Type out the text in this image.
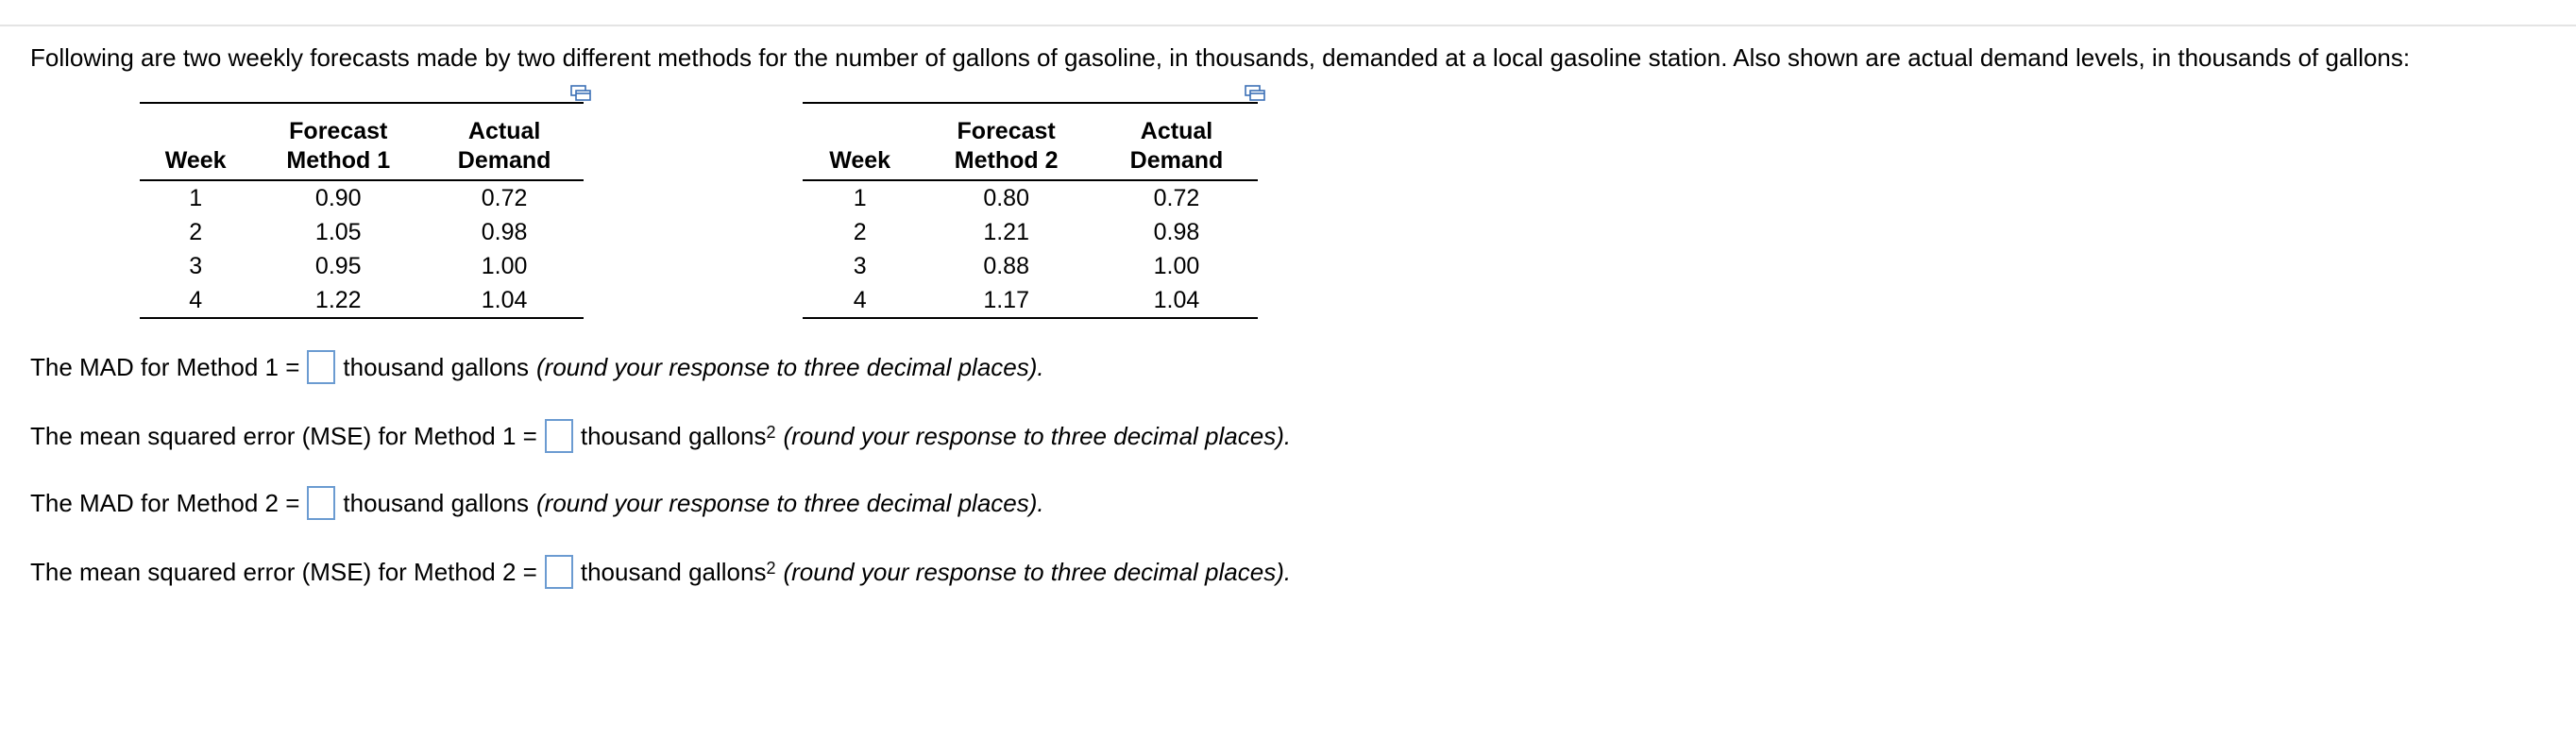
Following are two weekly forecasts made by two different methods for the number of gallons of gasoline, in thousands, demanded at a local gasoline station. Also shown are actual demand levels, in thousands of gallons:
	Forecast	Actual
Week	Method 1	Demand
1	0.90	0.72
2	1.05	0.98
3	0.95	1.00
4	1.22	1.04
	Forecast	Actual
Week	Method 2	Demand
1	0.80	0.72
2	1.21	0.98
3	0.88	1.00
4	1.17	1.04
The MAD for Method 1 = thousand gallons (round your response to three decimal places).
The mean squared error (MSE) for Method 1 = thousand gallons$^2$ (round your response to three decimal places).
The MAD for Method 2 = thousand gallons (round your response to three decimal places).
The mean squared error (MSE) for Method 2 = thousand gallons$^2$ (round your response to three decimal places).
